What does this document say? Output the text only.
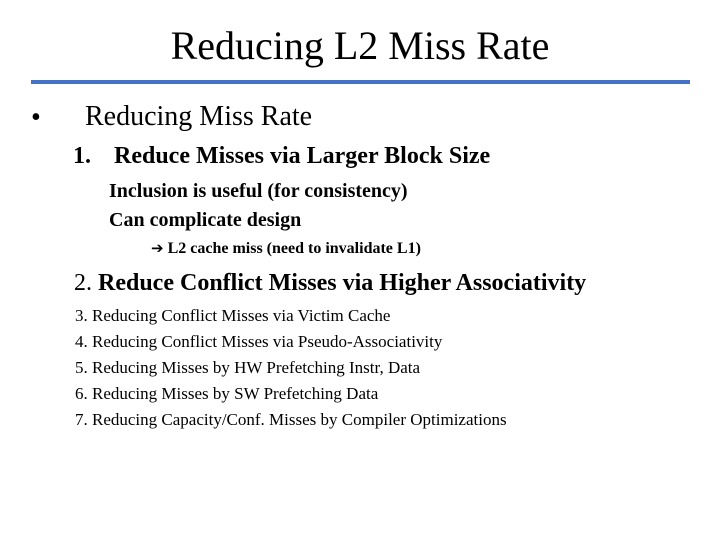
Reducing L2 Miss Rate
• Reducing Miss Rate
1. Reduce Misses via Larger Block Size
Inclusion is useful (for consistency)
Can complicate design
➔ L2 cache miss (need to invalidate L1)
2. Reduce Conflict Misses via Higher Associativity
3. Reducing Conflict Misses via Victim Cache
4. Reducing Conflict Misses via Pseudo-Associativity
5. Reducing Misses by HW Prefetching Instr, Data
6. Reducing Misses by SW Prefetching Data
7. Reducing Capacity/Conf. Misses by Compiler Optimizations
